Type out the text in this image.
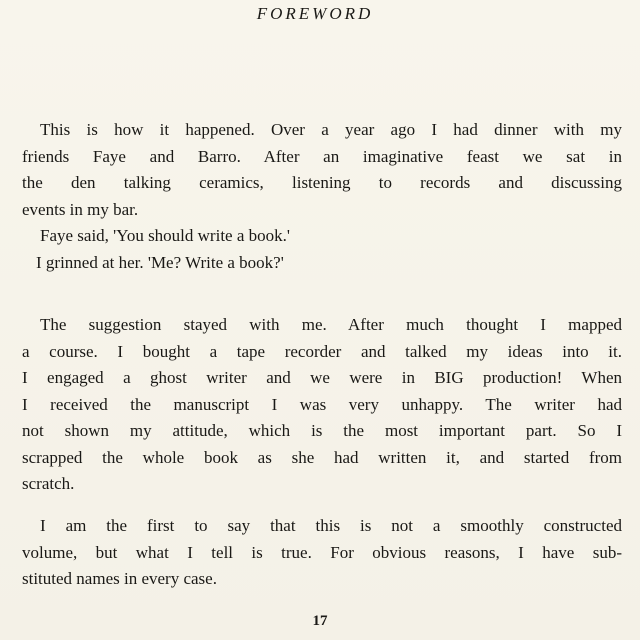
FOREWORD

This is how it happened. Over a year ago I had dinner with my
friends Faye and Barro. After an imaginative feast we sat in
the den talking ceramics, listening to records and discussing
events in my bar.
Faye said, 'You should write a book.'
I grinned at her. 'Me? Write a book?'

The suggestion stayed with me. After much thought I mapped
a course. I bought a tape recorder and talked my ideas into it.
I engaged a ghost writer and we were in BIG production! When
I received the manuscript I was very unhappy. The writer had
not shown my attitude, which is the most important part. So I
scrapped the whole book as she had written it, and started from
scratch.

I am the first to say that this is not a smoothly constructed
volume, but what I tell is true. For obvious reasons, I have sub-
stituted names in every case.

17
